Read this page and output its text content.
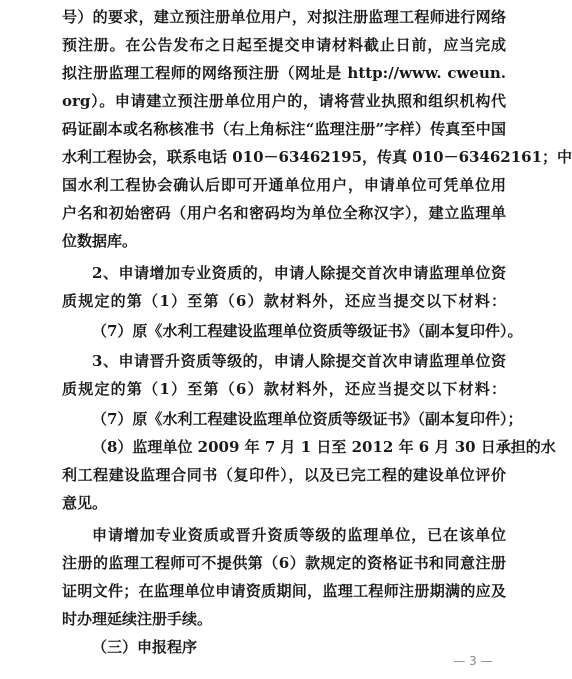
号）的要求，建立预注册单位用户，对拟注册监理工程师进行网络
预注册。在公告发布之日起至提交申请材料截止日前，应当完成
拟注册监理工程师的网络预注册（网址是 http://www. cweun.
org）。申请建立预注册单位用户的，请将营业执照和组织机构代
码证副本或名称核准书（右上角标注“监理注册”字样）传真至中国
水利工程协会，联系电话 010－63462195，传真 010－63462161；中
国水利工程协会确认后即可开通单位用户，申请单位可凭单位用
户名和初始密码（用户名和密码均为单位全称汉字），建立监理单
位数据库。
2、申请增加专业资质的，申请人除提交首次申请监理单位资
质规定的第（1）至第（6）款材料外，还应当提交以下材料：
（7）原《水利工程建设监理单位资质等级证书》（副本复印件）。
3、申请晋升资质等级的，申请人除提交首次申请监理单位资
质规定的第（1）至第（6）款材料外，还应当提交以下材料：
（7）原《水利工程建设监理单位资质等级证书》（副本复印件）；
（8）监理单位 2009 年 7 月 1 日至 2012 年 6 月 30 日承担的水
利工程建设监理合同书（复印件），以及已完工程的建设单位评价
意见。
申请增加专业资质或晋升资质等级的监理单位，已在该单位
注册的监理工程师可不提供第（6）款规定的资格证书和同意注册
证明文件；在监理单位申请资质期间，监理工程师注册期满的应及
时办理延续注册手续。
（三）申报程序
— 3 —
